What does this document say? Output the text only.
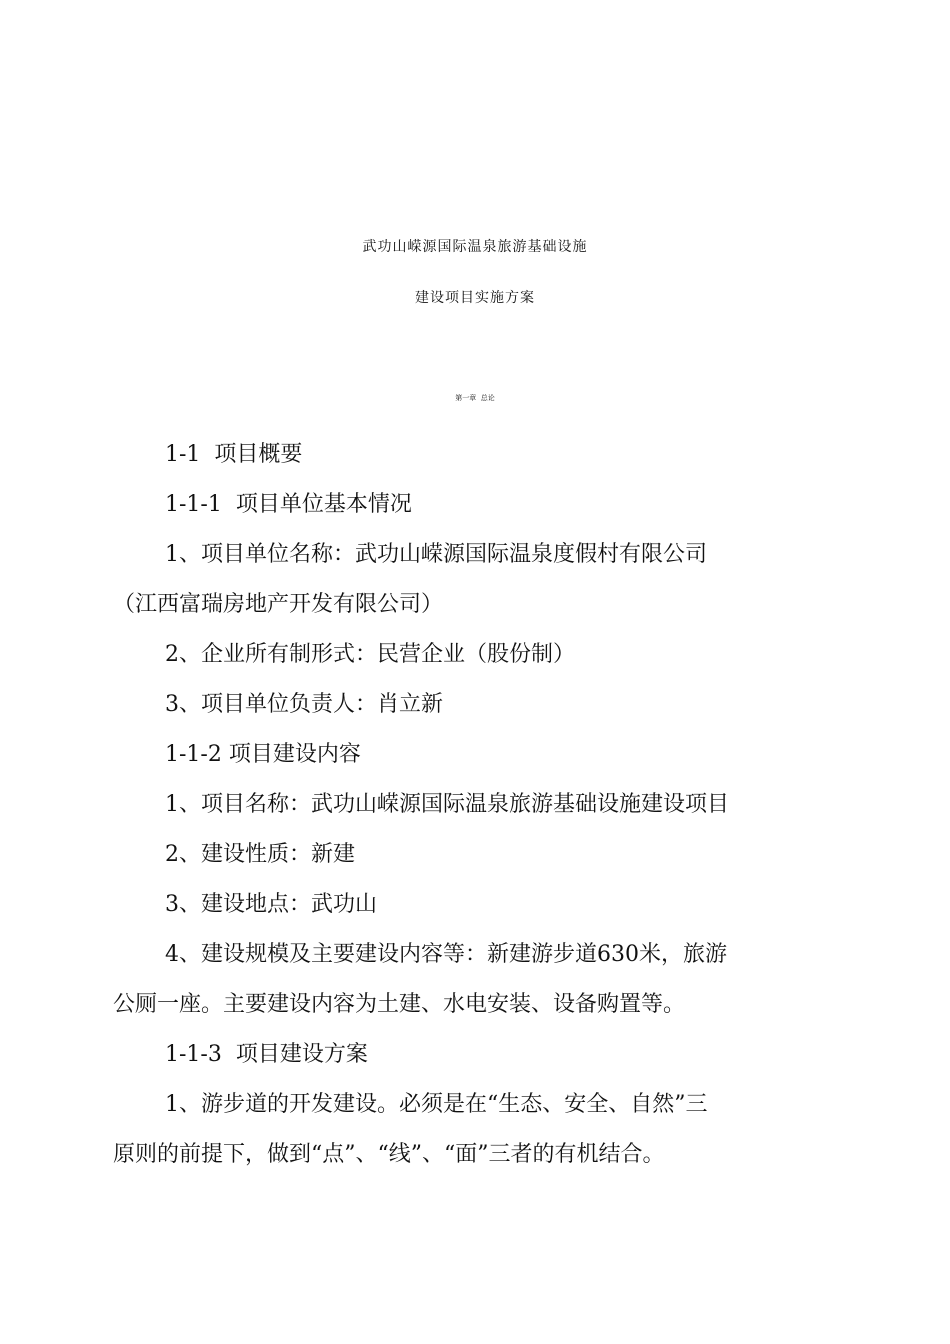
武功山嵘源国际温泉旅游基础设施
建设项目实施方案
第一章  总论
1-1  项目概要
1-1-1  项目单位基本情况
1、项目单位名称：武功山嵘源国际温泉度假村有限公司
（江西富瑞房地产开发有限公司）
2、企业所有制形式：民营企业（股份制）
3、项目单位负责人：肖立新
1-1-2 项目建设内容
1、项目名称：武功山嵘源国际温泉旅游基础设施建设项目
2、建设性质：新建
3、建设地点：武功山
4、建设规模及主要建设内容等：新建游步道630米，旅游
公厕一座。主要建设内容为土建、水电安装、设备购置等。
1-1-3  项目建设方案
1、游步道的开发建设。必须是在“生态、安全、自然”三
原则的前提下，做到“点”、“线”、“面”三者的有机结合。
